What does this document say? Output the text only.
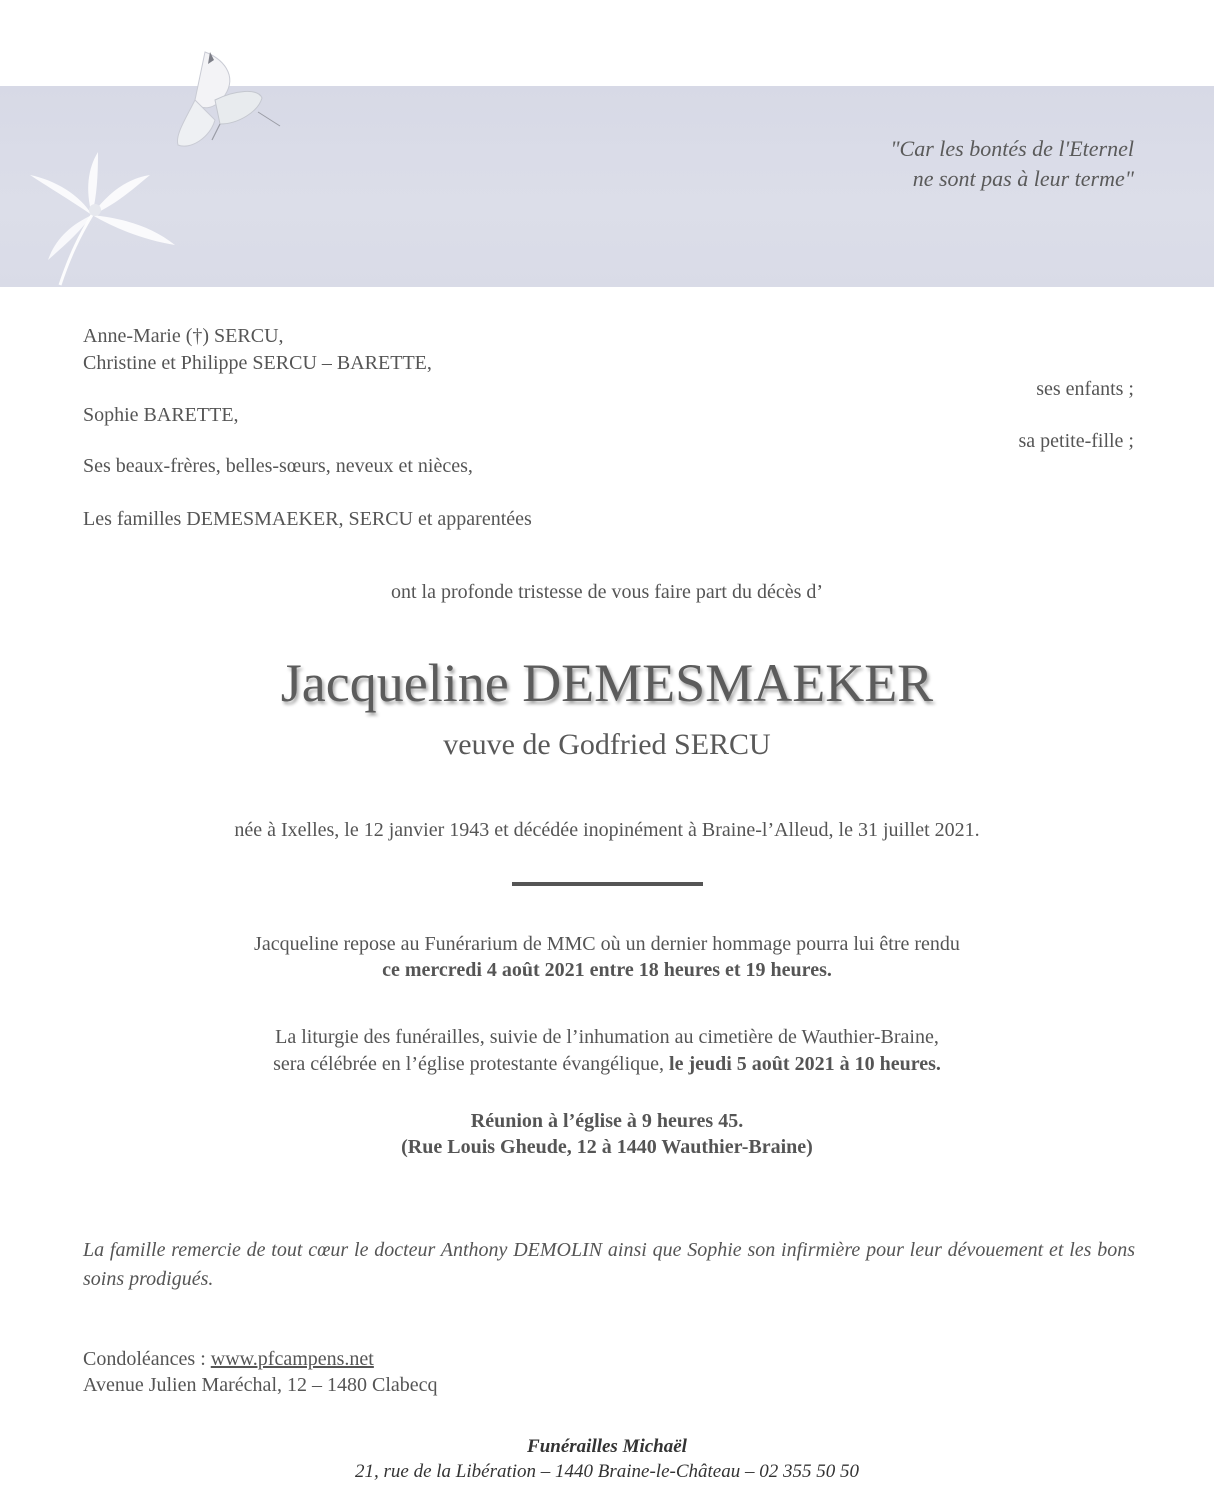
"Car les bontés de l'Eternel
ne sont pas à leur terme"
Anne-Marie (†) SERCU,
Christine et Philippe SERCU – BARETTE,
ses enfants ;
Sophie BARETTE,
sa petite-fille ;
Ses beaux-frères, belles-sœurs, neveux et nièces,
Les familles DEMESMAEKER, SERCU et apparentées
ont la profonde tristesse de vous faire part du décès d’
Jacqueline DEMESMAEKER
veuve de Godfried SERCU
née à Ixelles, le 12 janvier 1943 et décédée inopinément à Braine-l’Alleud, le 31 juillet 2021.
Jacqueline repose au Funérarium de MMC où un dernier hommage pourra lui être rendu
ce mercredi 4 août 2021 entre 18 heures et 19 heures.
La liturgie des funérailles, suivie de l’inhumation au cimetière de Wauthier-Braine,
sera célébrée en l’église protestante évangélique, le jeudi 5 août 2021 à 10 heures.
Réunion à l’église à 9 heures 45.
(Rue Louis Gheude, 12 à 1440 Wauthier-Braine)
La famille remercie de tout cœur le docteur Anthony DEMOLIN ainsi que Sophie son infirmière pour leur dévouement et les bons soins prodigués.
Condoléances : www.pfcampens.net
Avenue Julien Maréchal, 12 – 1480 Clabecq
Funérailles Michaël
21, rue de la Libération – 1440 Braine-le-Château – 02 355 50 50
